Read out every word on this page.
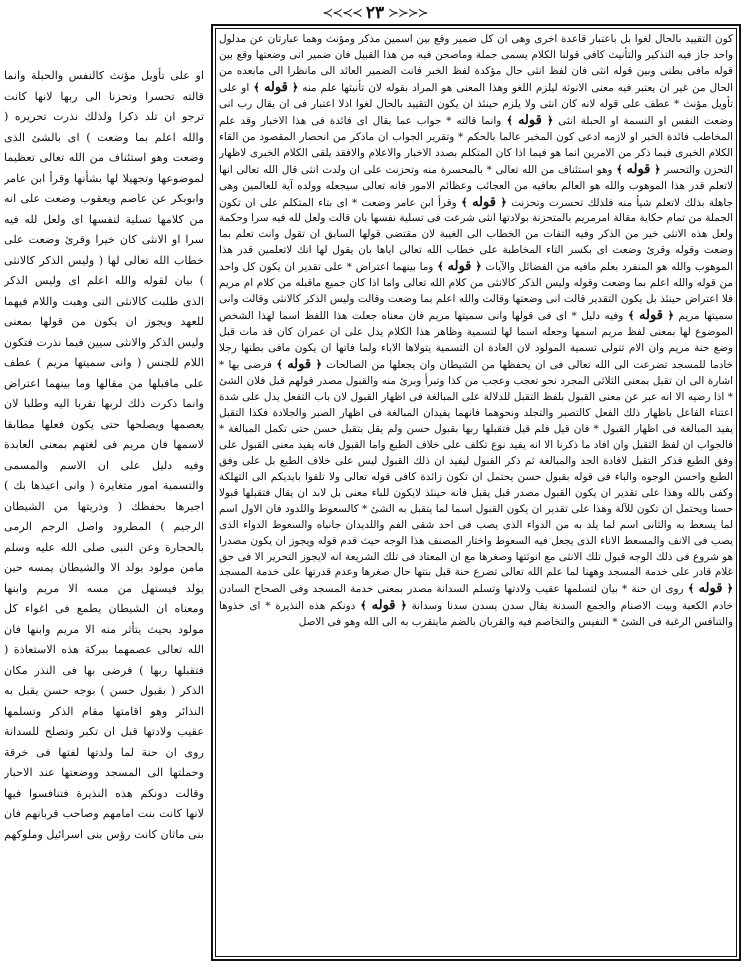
≺≺≺≺ ٢٣ ≻≻≻≻
كون التقييد بالحال لغوا بل باعتبار قاعدة اخرى وهى ان كل ضمير وقع بين اسمين مذكر ومؤنث وهما عبارتان عن مدلول واحد جاز فيه التذكير والتأنيث كافى قولنا الكلام يسمى جملة وماصحن فيه من هذا القبيل فان ضمير انى وضعتها وقع بين قوله مافى بطنى وبين قوله انثى فان لفظ انثى حال مؤكدة لفظ الخبر فانت الضمير العائد الى مانظرا الى مابعده من الحال من غير ان يعتبر فيه معنى الانوثة ليلزم اللغو وهذا المعنى هو المراد بقوله لان تأنيثها علم منه ﴿ قوله ﴾ او على تأويل مؤنث * عطف على قوله لانه كان انثى ولا يلزم حينئذ ان يكون التقييد بالحال لغوا اذلا اعتبار فى ان يقال رب انى وضعت النفس او النسمة او الحبلة انثى ﴿ قوله ﴾ وانما قالته * جواب عما يقال اى فائدة فى هذا الاخبار وقد علم المخاطب فائدة الخبر او لازمه ادعى كون المخبر عالما بالحكم * وتقرير الجواب ان ماذكر من انحصار المقصود من القاء الكلام الخبرى فيما ذكر من الامرين انما هو فيما اذا كان المتكلم بصدد الاخبار والاعلام والافقد يلقى الكلام الخبرى لاظهار التحزن والتحسر ﴿ قوله ﴾ وهو استئناف من الله تعالى * بالمحسرة منه وتحزنت على ان ولدت انثى قال الله تعالى انها لاتعلم قدر هذا الموهوب والله هو العالم بعافيه من العجائب وعظائم الامور فانه تعالى سيجعله وولده آية للعالمين وهى جاهلة بذلك لاتعلم شيأ منه فلذلك تحسرت وتحزنت ﴿ قوله ﴾ وقرأ ابن عامر وضعت * اى بتاء المتكلم على ان تكون الجملة من تمام حكاية مقالة امرمريم بالمتحزنة بولادتها انثى شرعت فى تسلية نفسها بان قالت ولعل لله فيه سرا وحكمة ولعل هذه الانثى خير من الذكر وفيه التفات من الخطاب الى الغيبة لان مقتضى قولها السابق ان تقول وانت تعلم بما وضعت وقوله وقرئ وضعت اى بكسر التاء المخاطبة على خطاب الله تعالى اياها بان يقول لها انك لاتعلمين قدر هذا الموهوب والله هو المنفرد بعلم مافيه من الفضائل والآيات ﴿ قوله ﴾ وما بينهما اعتراض * على تقدير ان يكون كل واحد من قوله والله اعلم بما وضعت وقوله وليس الذكر كالانثى من كلام الله تعالى واما اذا كان جميع ماقبله من كلام ام مريم فلا اعتراض حينئذ بل يكون التقدير قالت انى وضعتها وقالت والله اعلم بما وضعت وقالت وليس الذكر كالانثى وقالت وانى سميتها مريم ﴿ قوله ﴾ وفيه دليل * اى فى قولها وانى سميتها مريم فان معناه جعلت هذا اللفظ اسما لهذا الشخص الموضوع لها بمعنى لفظ مريم اسمها وجعله اسما لها لتسمية وظاهر هذا الكلام يدل على ان عمران كان قد مات قبل وضع حنة مريم وان الام تتولى تسمية المولود لان العادة ان التسمية يتولاها الاباء ولما فاتها ان يكون مافى بطنها رجلا خادما للمسجد تضرعت الى الله تعالى فى ان يحفظها من الشيطان وان يجعلها من الصالحات ﴿ قوله ﴾ فرضى بها * اشارة الى ان تقبل بمعنى الثلاثى المجرد نحو تعجب وعجب من كذا وتبرأ وبرئ منه والقبول مصدر قولهم قبل فلان الشئ * اذا رضيه الا انه عبر عن معنى القبول بلفظ التقبل للدلالة على المبالغة فى اظهار القبول لان باب التفعل يدل على شدة اعتناء الفاعل باظهار ذلك الفعل كالتصبر والتجلد ونحوهما فانهما يفيدان المبالغة فى اظهار الصبر والجلادة فكذا التقبل يفيد المبالغة فى اظهار القبول * فان قيل فلم قيل فتقبلها ربها بقبول حسن ولم يقل بتقبل حسن حتى تكمل المبالغة * فالجواب ان لفظ التقبل وان افاد ما ذكرنا الا انه يفيد نوع تكلف على خلاف الطبع واما القبول فانه يفيد معنى القبول على وفق الطبع فذكر التقبل لافادة الجد والمبالغة ثم ذكر القبول ليفيد ان ذلك القبول ليس على خلاف الطبع بل على وفق الطبع واحسن الوجوه والباء فى قوله بقبول حسن يحتمل ان تكون زائدة كافى قوله تعالى ولا تلقوا بايديكم الى التهلكة وكفى بالله وهذا على تقدير ان يكون القبول مصدر قبل يقبل فانه حينئذ لايكون للباء معنى بل لابد ان يقال فتقبلها قبولا حسنا ويحتمل ان تكون للآلة وهذا على تقدير ان يكون القبول اسما لما يتقبل به الشئ * كالسعوط واللدود فان الاول اسم لما يسعط به والثانى اسم لما يلد به من الدواء الذى يصب فى احد شقى الفم واللديدان جانباه والسعوط الدواء الذى يصب فى الانف والمسعط الاناء الذى يجعل فيه السعوط واختار المصنف هذا الوجه حيث قدم قوله ويجوز ان يكون مصدرا هو شروع فى ذلك الوجه قبول تلك الانثى مع انوثتها وصغرها مع ان المعتاد فى تلك الشريعة انه لايجوز التحرير الا فى حق غلام قادر على خدمة المسجد وههنا لما علم الله تعالى تضرع حنة قبل بنتها حال صغرها وعدم قدرتها على خدمة المسجد ﴿ قوله ﴾ روى ان حنة * بيان لتسلمها عقيب ولادتها وتسلم السدانة مصدر بمعنى خدمة المسجد وفى الصحاح السادن خادم الكعبة وبيت الاصنام والجمع السدنة يقال سدن يسدن سدنا وسدانة ﴿ قوله ﴾ دونكم هذه النذيرة * اى خذوها والتنافس الرغبة فى الشئ * النفيس والتخاصم فيه والقربان بالضم مايتقرب به الى الله وهو فى الاصل
او على تأويل مؤنث كالنفس والحبلة وانما قالته تحسرا وتحزنا الى ربها لانها كانت ترجو ان تلد ذكرا ولذلك نذرت تحريره ( والله اعلم بما وضعت ) اى بالشئ الذى وضعت وهو استئناف من الله تعالى تعظيما لموضوعها وتجهيلا لها بشأنها وقرأ ابن عامر وابوبكر عن عاصم ويعقوب وضعت على انه من كلامها تسلية لنفسها اى ولعل لله فيه سرا او الانثى كان خيرا وقرئ وضعت على خطاب الله تعالى لها ( وليس الذكر كالانثى ) بيان لقوله والله اعلم اى وليس الذكر الذى طلبت كالانثى التى وهبت واللام فيهما للعهد ويجوز ان يكون من قولها بمعنى وليس الذكر والانثى سيين فيما نذرت فتكون اللام للجنس ( وانى سميتها مريم ) عطف على ماقبلها من مقالها وما بينهما اعتراض وانما ذكرت ذلك لربها تقربا اليه وطلبا لان يعصمها ويصلحها حتى يكون فعلها مطابقا لاسمها فان مريم فى لغتهم بمعنى العابدة وفيه دليل على ان الاسم والمسمى والتسمية امور متغايرة ( وانى اعيذها بك ) اجيرها بحفظك ( وذريتها من الشيطان الرجيم ) المطرود واصل الرجم الرمى بالحجارة وعن النبى صلى الله عليه وسلم مامن مولود يولد الا والشيطان يمسه حين يولد فيستهل من مسه الا مريم وابنها ومعناه ان الشيطان يطمع فى اغواء كل مولود بحيث يتأثر منه الا مريم وابنها فان الله تعالى عصمهما ببركة هذه الاستعاذة ( فتقبلها ربها ) فرضى بها فى النذر مكان الذكر ( بقبول حسن ) بوجه حسن يقبل به النذائر وهو اقامتها مقام الذكر وتسلمها عقيب ولادتها قبل ان تكبر وتصلح للسدانة روى ان حنة لما ولدتها لفتها فى خرقة وحملتها الى المسجد ووضعتها عند الاحبار وقالت دونكم هذه النذيرة فتنافسوا فيها لانها كانت بنت امامهم وصاحب قربانهم فان بنى ماثان كانت رؤس بنى اسرائيل وملوكهم
